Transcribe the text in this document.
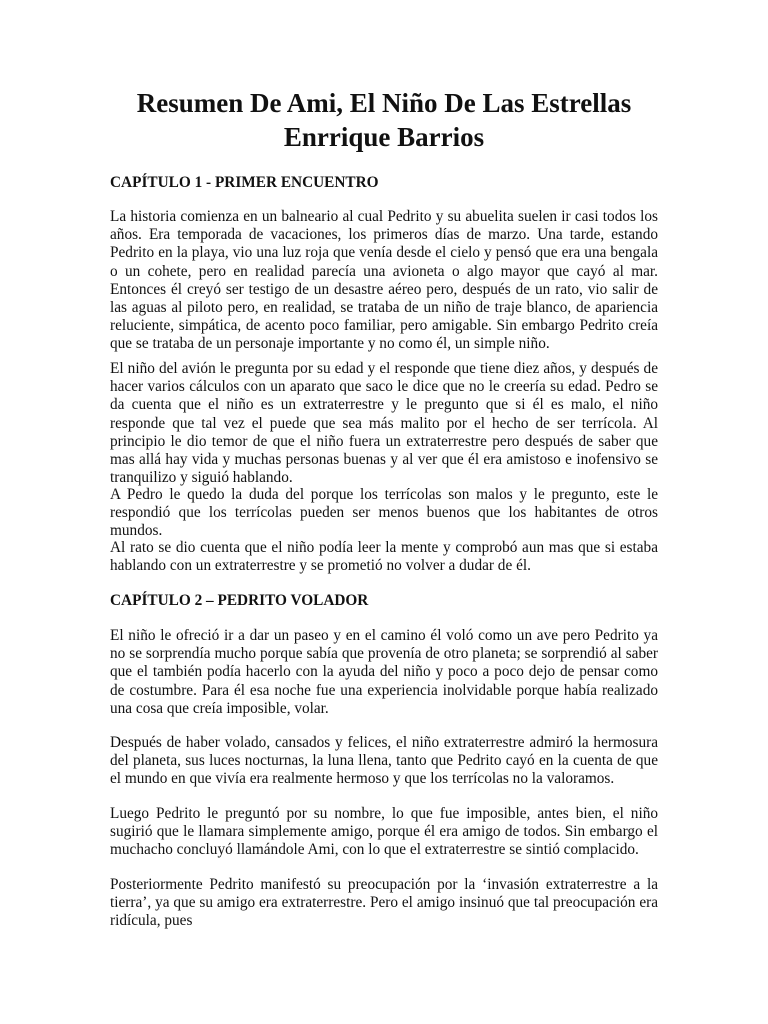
Resumen De Ami, El Niño De Las Estrellas
Enrrique Barrios
CAPÍTULO 1 - PRIMER ENCUENTRO

La historia comienza en un balneario al cual Pedrito y su abuelita suelen ir casi todos los años. Era temporada de vacaciones, los primeros días de marzo. Una tarde, estando Pedrito en la playa, vio una luz roja que venía desde el cielo y pensó que era una bengala o un cohete, pero en realidad parecía una avioneta o algo mayor que cayó al mar. Entonces él creyó ser testigo de un desastre aéreo pero, después de un rato, vio salir de las aguas al piloto pero, en realidad, se trataba de un niño de traje blanco, de apariencia reluciente, simpática, de acento poco familiar, pero amigable. Sin embargo Pedrito creía que se trataba de un personaje importante y no como él, un simple niño.

El niño del avión le pregunta por su edad y el responde que tiene diez años, y después de hacer varios cálculos con un aparato que saco le dice que no le creería su edad. Pedro se da cuenta que el niño es un extraterrestre y le pregunto que si él es malo, el niño responde que tal vez el puede que sea más malito por el hecho de ser terrícola. Al principio le dio temor de que el niño fuera un extraterrestre pero después de saber que mas allá hay vida y muchas personas buenas y al ver que él era amistoso e inofensivo se tranquilizo y siguió hablando.

A Pedro le quedo la duda del porque los terrícolas son malos y le pregunto, este le respondió que los terrícolas pueden ser menos buenos que los habitantes de otros mundos.

Al rato se dio cuenta que el niño podía leer la mente y comprobó aun mas que si estaba hablando con un extraterrestre y se prometió no volver a dudar de él.

CAPÍTULO 2 – PEDRITO VOLADOR

El niño le ofreció ir a dar un paseo y en el camino él voló como un ave pero Pedrito ya no se sorprendía mucho porque sabía que provenía de otro planeta; se sorprendió al saber que el también podía hacerlo con la ayuda del niño y poco a poco dejo de pensar como de costumbre. Para él esa noche fue una experiencia inolvidable porque había realizado una cosa que creía imposible, volar.

Después de haber volado, cansados y felices, el niño extraterrestre admiró la hermosura del planeta, sus luces nocturnas, la luna llena, tanto que Pedrito cayó en la cuenta de que el mundo en que vivía era realmente hermoso y que los terrícolas no la valoramos.

Luego Pedrito le preguntó por su nombre, lo que fue imposible, antes bien, el niño sugirió que le llamara simplemente amigo, porque él era amigo de todos. Sin embargo el muchacho concluyó llamándole Ami, con lo que el extraterrestre se sintió complacido.

Posteriormente Pedrito manifestó su preocupación por la ‘invasión extraterrestre a la tierra’, ya que su amigo era extraterrestre. Pero el amigo insinuó que tal preocupación era ridícula, pues
